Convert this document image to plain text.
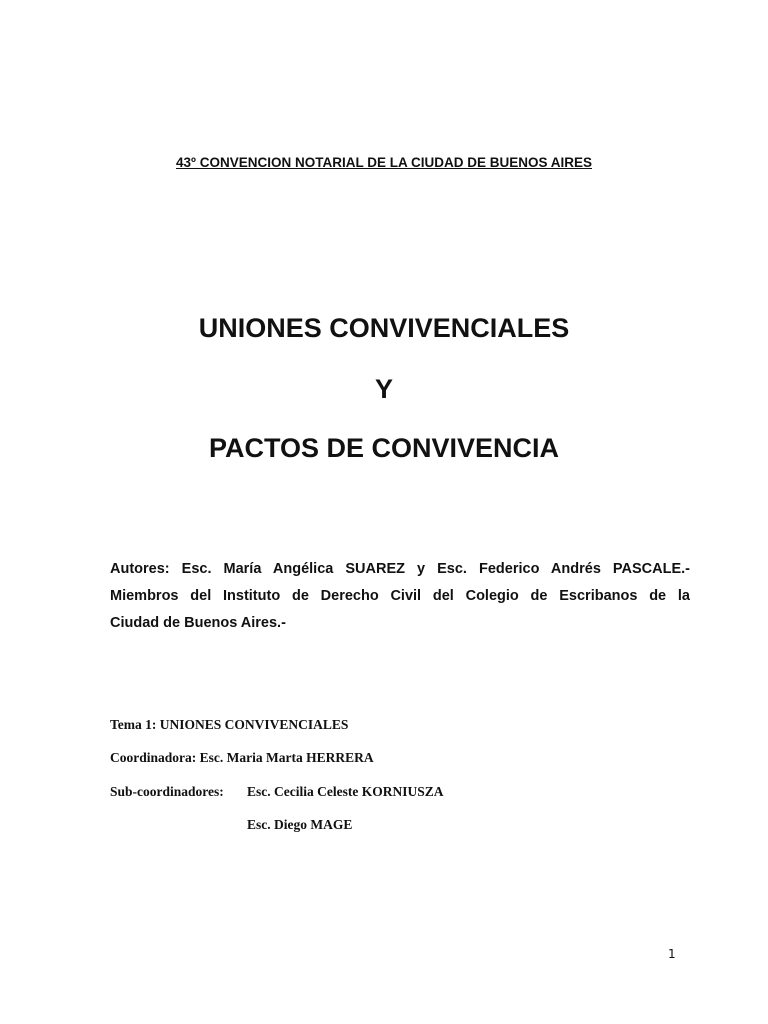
43º CONVENCION NOTARIAL DE LA CIUDAD DE BUENOS AIRES
UNIONES CONVIVENCIALES
Y
PACTOS DE CONVIVENCIA
Autores: Esc. María Angélica SUAREZ y Esc. Federico Andrés PASCALE.-
Miembros del Instituto de Derecho Civil del Colegio de Escribanos de la
Ciudad de Buenos Aires.-
Tema 1: UNIONES CONVIVENCIALES
Coordinadora: Esc. Maria Marta HERRERA
Sub-coordinadores: Esc. Cecilia Celeste KORNIUSZA
Esc. Diego MAGE
1
